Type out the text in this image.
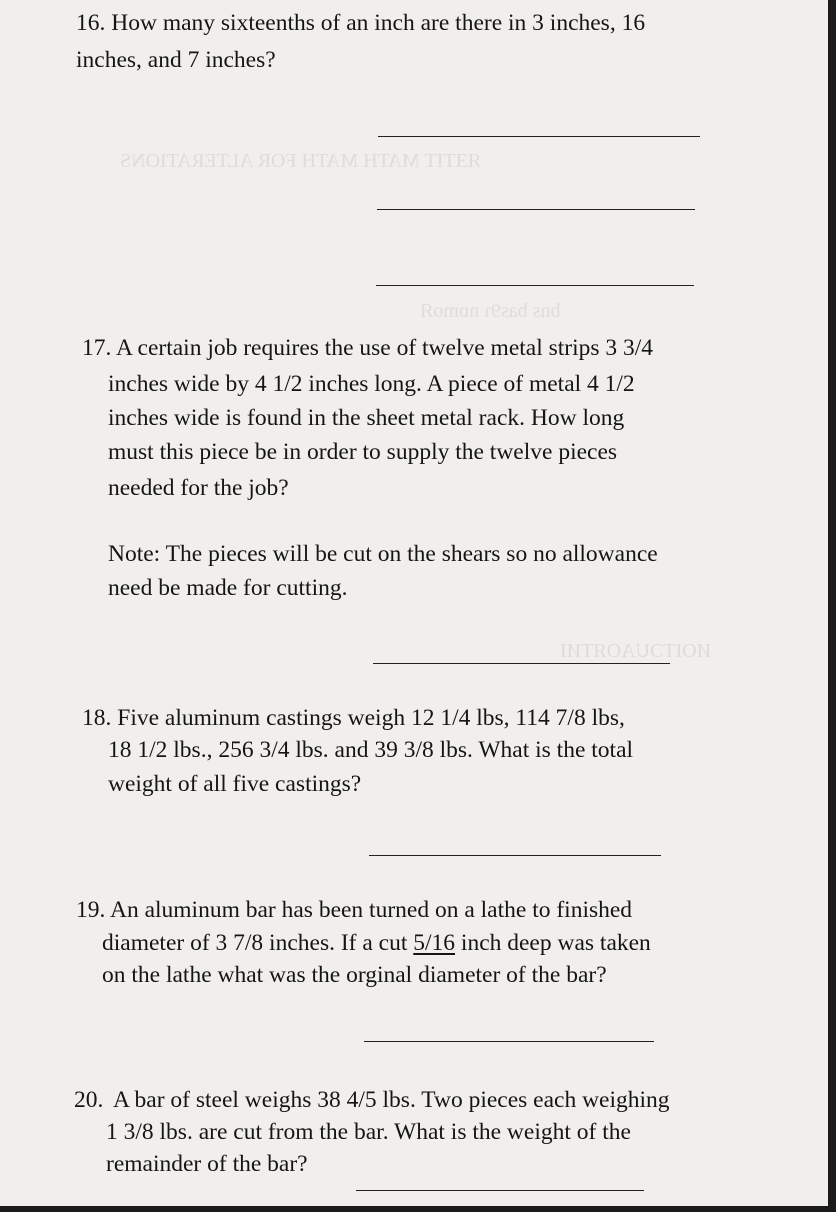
ЯƎTIT MATH MATH FOR ALTERATIONS
bns bas9ɿ nɒmoЯ
ИOITƆUAOЯTИI
16. How many sixteenths of an inch are there in 3 inches, 16
inches, and 7 inches?
17. A certain job requires the use of twelve metal strips 3 3/4
inches wide by 4 1/2 inches long. A piece of metal 4 1/2
inches wide is found in the sheet metal rack. How long
must this piece be in order to supply the twelve pieces
needed for the job?
Note: The pieces will be cut on the shears so no allowance
need be made for cutting.
18. Five aluminum castings weigh 12 1/4 lbs, 114 7/8 lbs,
18 1/2 lbs., 256 3/4 lbs. and 39 3/8 lbs. What is the total
weight of all five castings?
19. An aluminum bar has been turned on a lathe to finished
diameter of 3 7/8 inches. If a cut 5/16 inch deep was taken
on the lathe what was the orginal diameter of the bar?
20. A bar of steel weighs 38 4/5 lbs. Two pieces each weighing
1 3/8 lbs. are cut from the bar. What is the weight of the
remainder of the bar?
